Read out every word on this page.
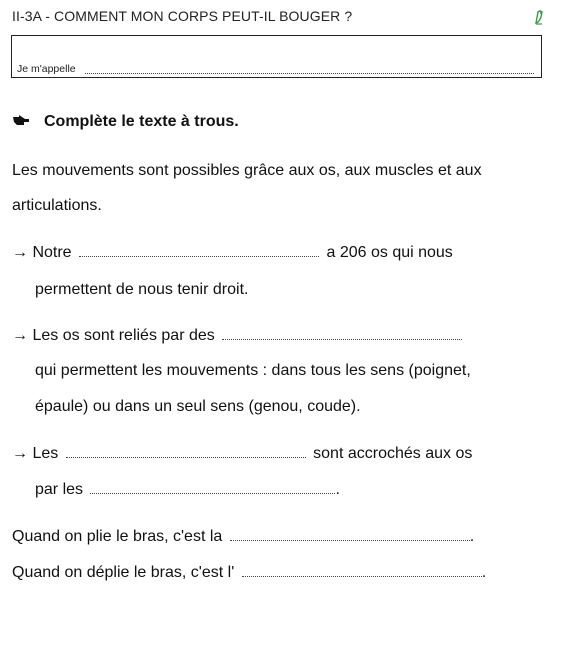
II-3A - COMMENT MON CORPS PEUT-IL BOUGER ?
Je m'appelle
Complète le texte à trous.
Les mouvements sont possibles grâce aux os, aux muscles et aux
articulations.
→ Notre	a 206 os qui nous
permettent de nous tenir droit.
→ Les os sont reliés par des
qui permettent les mouvements : dans tous les sens (poignet,
épaule) ou dans un seul sens (genou, coude).
→ Les	sont accrochés aux os
par les	.
Quand on plie le bras, c'est la	.
Quand on déplie le bras, c'est l'	.
